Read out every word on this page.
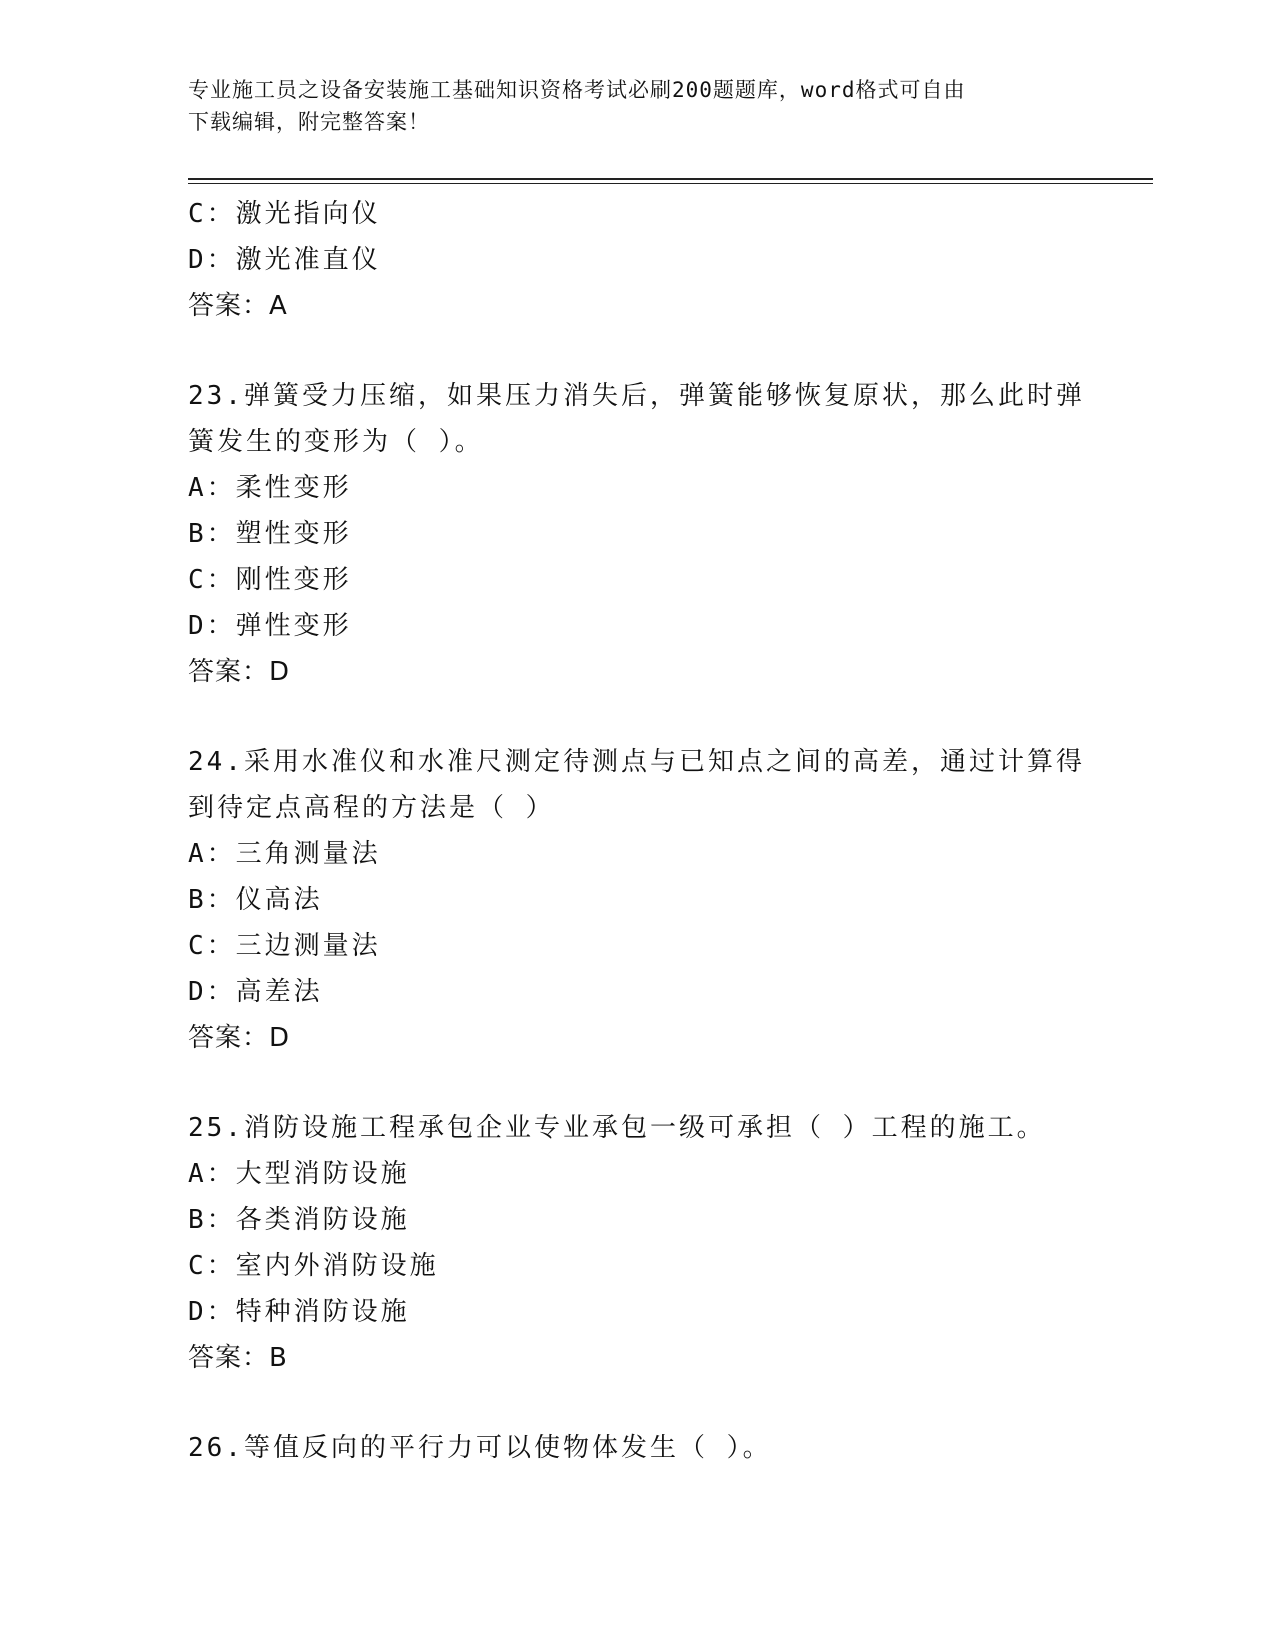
专业施工员之设备安装施工基础知识资格考试必刷200题题库，word格式可自由
下载编辑，附完整答案！
C：激光指向仪
D：激光准直仪
答案：A
23.弹簧受力压缩，如果压力消失后，弹簧能够恢复原状，那么此时弹
簧发生的变形为（ ）。
A：柔性变形
B：塑性变形
C：刚性变形
D：弹性变形
答案：D
24.采用水准仪和水准尺测定待测点与已知点之间的高差，通过计算得
到待定点高程的方法是（ ）
A：三角测量法
B：仪高法
C：三边测量法
D：高差法
答案：D
25.消防设施工程承包企业专业承包一级可承担（ ）工程的施工。
A：大型消防设施
B：各类消防设施
C：室内外消防设施
D：特种消防设施
答案：B
26.等值反向的平行力可以使物体发生（ ）。
